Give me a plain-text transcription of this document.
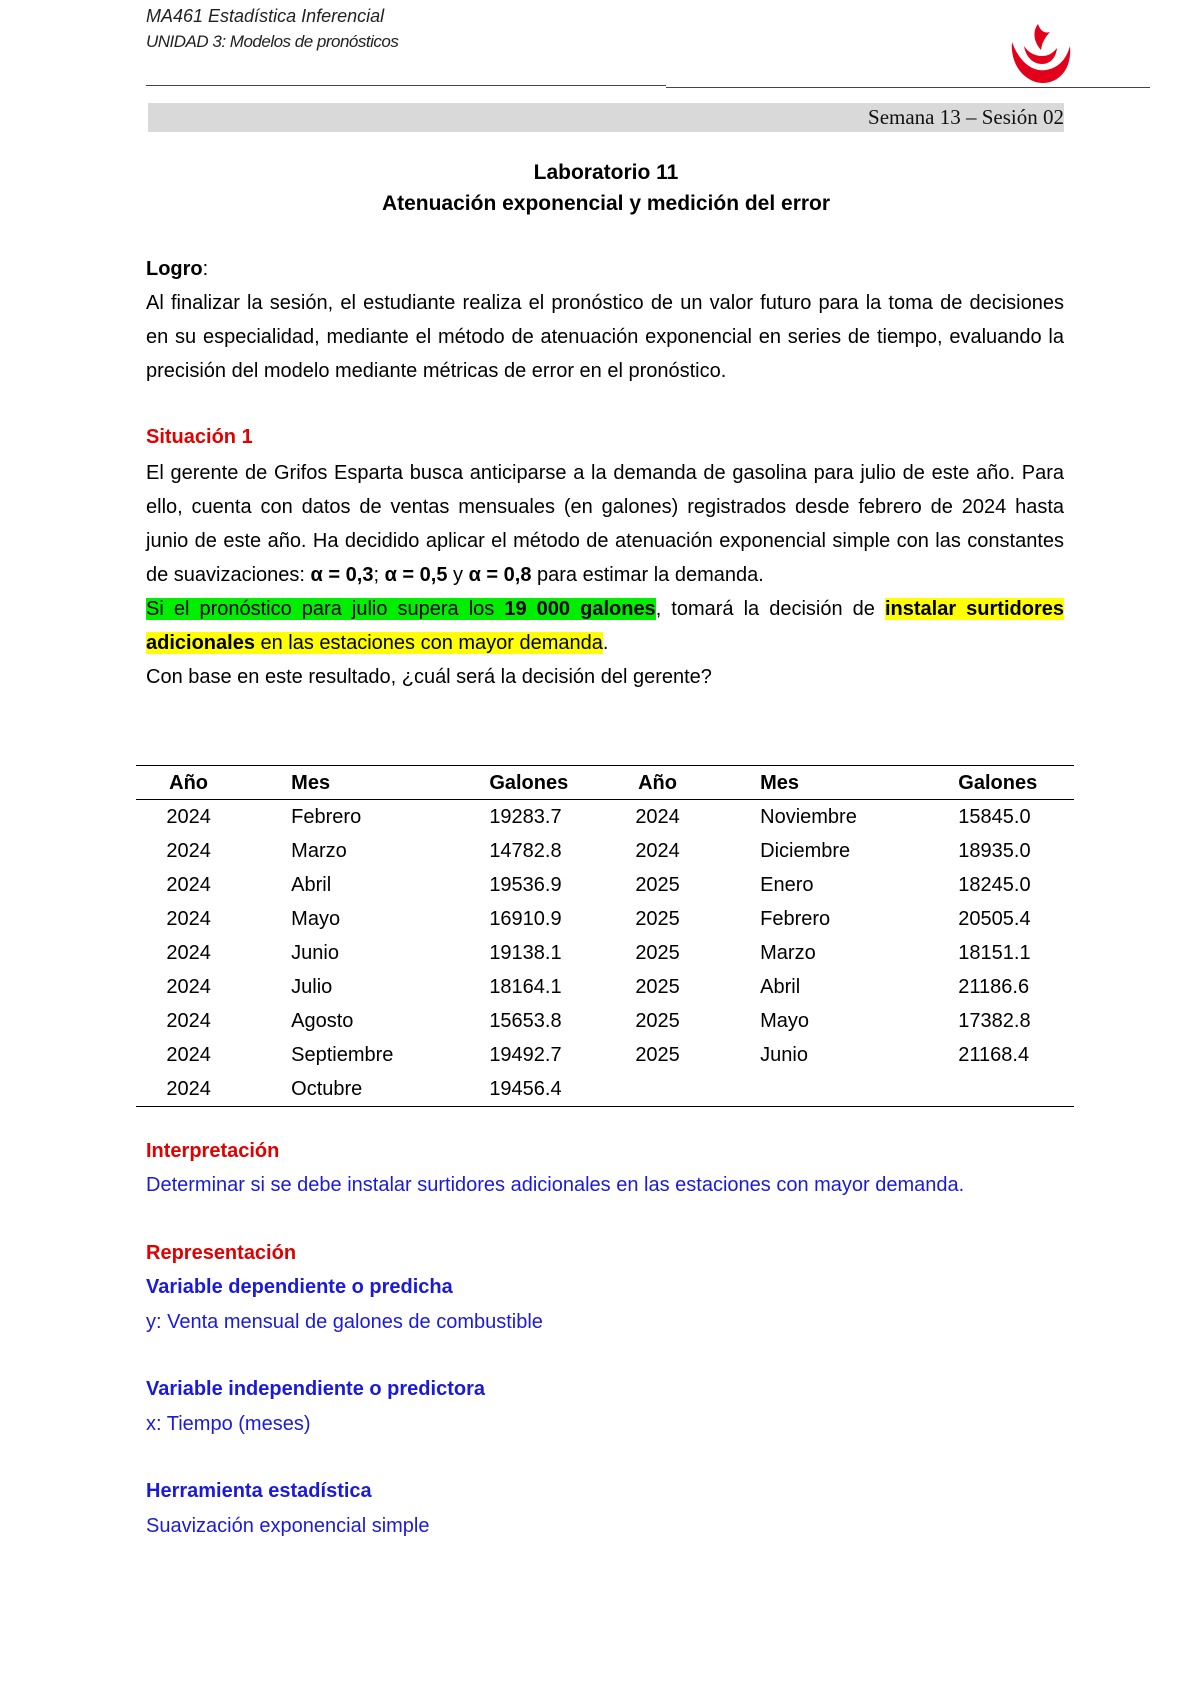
MA461 Estadística Inferencial
UNIDAD 3: Modelos de pronósticos
Semana 13 – Sesión 02
Laboratorio 11
Atenuación exponencial y medición del error
Logro:
Al finalizar la sesión, el estudiante realiza el pronóstico de un valor futuro para la toma de decisiones en su especialidad, mediante el método de atenuación exponencial en series de tiempo, evaluando la precisión del modelo mediante métricas de error en el pronóstico.
Situación 1
El gerente de Grifos Esparta busca anticiparse a la demanda de gasolina para julio de este año. Para ello, cuenta con datos de ventas mensuales (en galones) registrados desde febrero de 2024 hasta junio de este año. Ha decidido aplicar el método de atenuación exponencial simple con las constantes de suavizaciones: α = 0,3; α = 0,5 y α = 0,8 para estimar la demanda.
Si el pronóstico para julio supera los 19 000 galones, tomará la decisión de instalar surtidores adicionales en las estaciones con mayor demanda.
Con base en este resultado, ¿cuál será la decisión del gerente?
Año	Mes	Galones	Año	Mes	Galones
2024	Febrero	19283.7	2024	Noviembre	15845.0
2024	Marzo	14782.8	2024	Diciembre	18935.0
2024	Abril	19536.9	2025	Enero	18245.0
2024	Mayo	16910.9	2025	Febrero	20505.4
2024	Junio	19138.1	2025	Marzo	18151.1
2024	Julio	18164.1	2025	Abril	21186.6
2024	Agosto	15653.8	2025	Mayo	17382.8
2024	Septiembre	19492.7	2025	Junio	21168.4
2024	Octubre	19456.4			
Interpretación
Determinar si se debe instalar surtidores adicionales en las estaciones con mayor demanda.
Representación
Variable dependiente o predicha
y: Venta mensual de galones de combustible
Variable independiente o predictora
x: Tiempo (meses)
Herramienta estadística
Suavización exponencial simple
